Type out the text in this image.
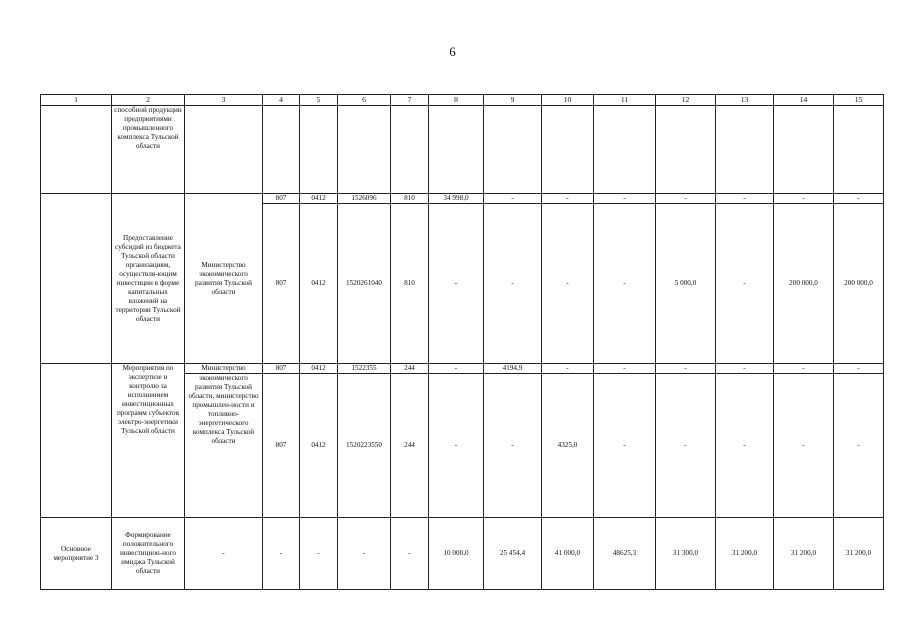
6
1	2	3	4	5	6	7	8	9	10	11	12	13	14	15
	способной продукции предприятиями промышленного комплекса Тульской области													
	Предоставление субсидий из бюджета Тульской области организациям, осуществля-ющим инвестиции в форме капитальных вложений на территории Тульской области	Министерство экономического развития Тульской области	807	0412	1526096	810	34 998,0	-	-	-	-	-	-	-
			807	0412	1520261040	810	-	-	-	-	5 000,0	-	200 000,0	200 000,0
	Мероприятия по экспертизе и контролю за исполнением инвестиционных программ субъектов электро-энергетики Тульской области	Министерство	807	0412	1522355	244	-	4194,9	-	-	-	-	-	-
		экономического развития Тульской области, министерство промышлен-ности и топливно-энергетического комплекса Тульской области	807	0412	1520223550	244	-	-	4325,0	-	-	-	-	-
Основное мероприятие 3	Формирование положительного инвестицион-ного имиджа Тульской области	-	-	-	-	-	10 000,0	25 454,4	41 000,0	48625,3	31 300,0	31 200,0	31 200,0	31 200,0
